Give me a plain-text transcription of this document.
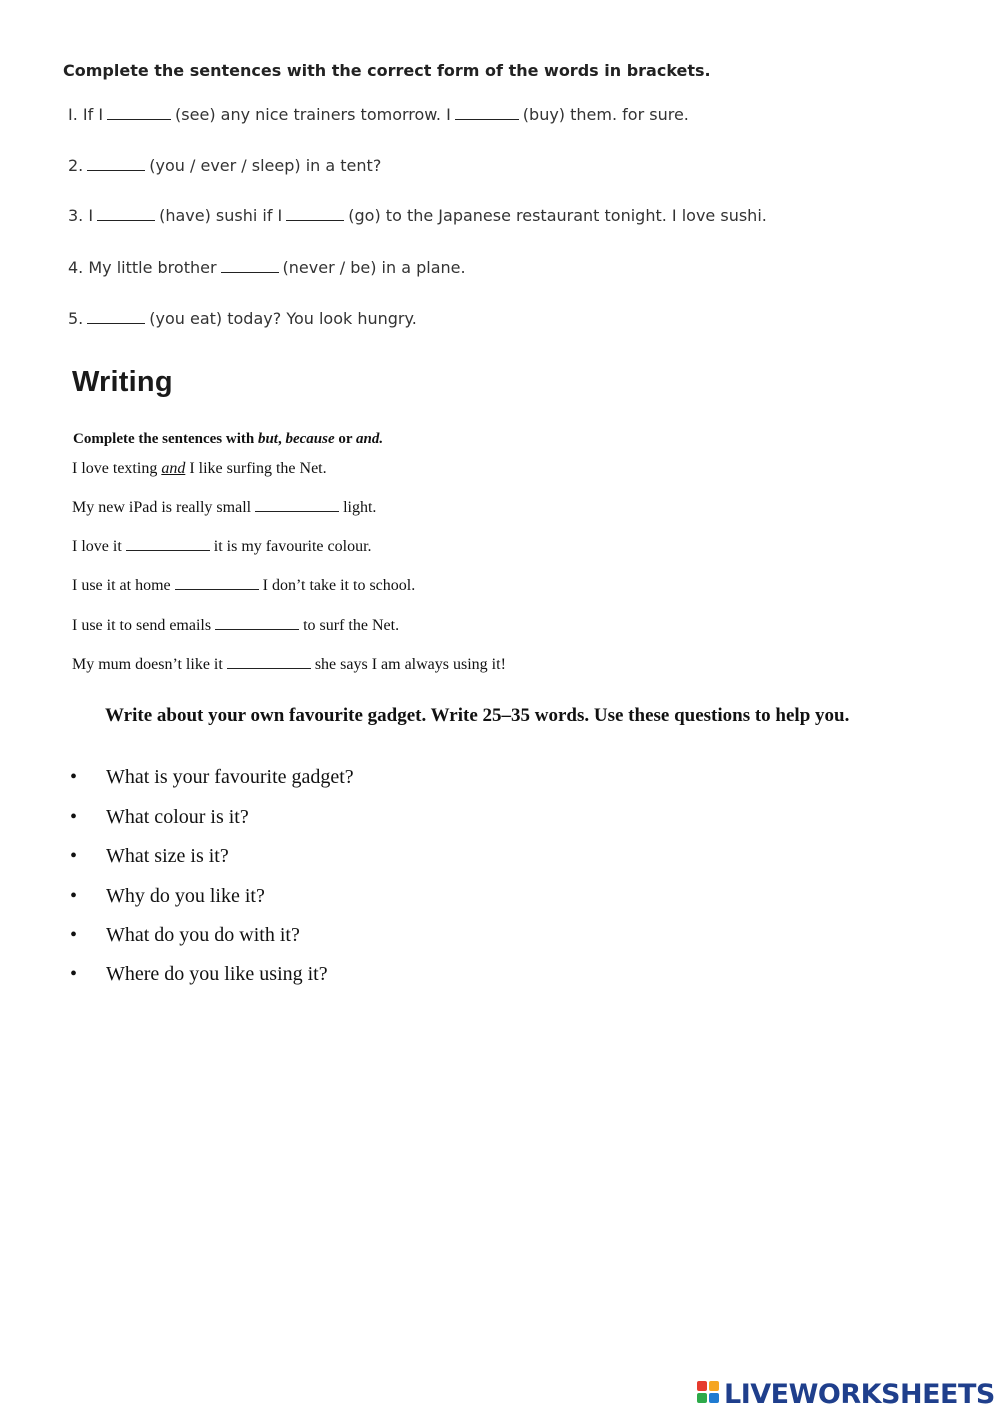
Complete the sentences with the correct form of the words in brackets.
I. If I	(see) any nice trainers tomorrow. I	(buy) them. for sure.
2.	(you / ever / sleep) in a tent?
3. I	(have) sushi if I	(go) to the Japanese restaurant tonight. I love sushi.
4. My little brother	(never / be) in a plane.
5.	(you eat) today? You look hungry.
Writing
Complete the sentences with but, because or and.
I love texting and I like surfing the Net.
My new iPad is really small	light.
I love it	it is my favourite colour.
I use it at home	I don’t take it to school.
I use it to send emails	to surf the Net.
My mum doesn’t like it	she says I am always using it!
Write about your own favourite gadget. Write 25–35 words. Use these questions to help you.
• What is your favourite gadget?
• What colour is it?
• What size is it?
• Why do you like it?
• What do you do with it?
• Where do you like using it?
LIVEWORKSHEETS
